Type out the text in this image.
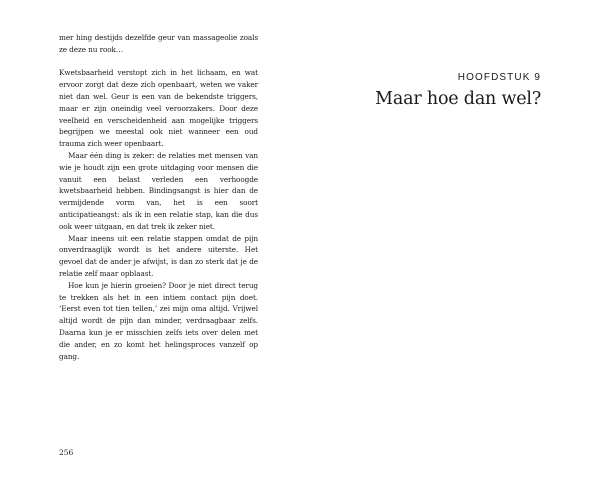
mer hing destijds dezelfde geur van massageolie zoals ze deze nu rook…

Kwetsbaarheid verstopt zich in het lichaam, en wat ervoor zorgt dat deze zich openbaart, weten we vaker niet dan wel. Geur is een van de bekendste triggers, maar er zijn oneindig veel veroorzakers. Door deze veelheid en verscheidenheid aan mogelijke triggers begrijpen we meestal ook niet wanneer een oud trauma zich weer openbaart.

Maar één ding is zeker: de relaties met mensen van wie je houdt zijn een grote uitdaging voor mensen die vanuit een belast verleden een verhoogde kwetsbaarheid hebben. Bindingsangst is hier dan de vermijdende vorm van, het is een soort anticipatieangst: als ik in een relatie stap, kan die dus ook weer uitgaan, en dat trek ik zeker niet.

Maar ineens uit een relatie stappen omdat de pijn onverdraaglijk wordt is het andere uiterste. Het gevoel dat de ander je afwijst, is dan zo sterk dat je de relatie zelf maar opblaast.

Hoe kun je hierin groeien? Door je niet direct terug te trekken als het in een intiem contact pijn doet. ‘Eerst even tot tien tellen,’ zei mijn oma altijd. Vrijwel altijd wordt de pijn dan minder, verdraagbaar zelfs. Daarna kun je er misschien zelfs iets over delen met die ander, en zo komt het helingsproces vanzelf op gang.

256
HOOFDSTUK 9
Maar hoe dan wel?
